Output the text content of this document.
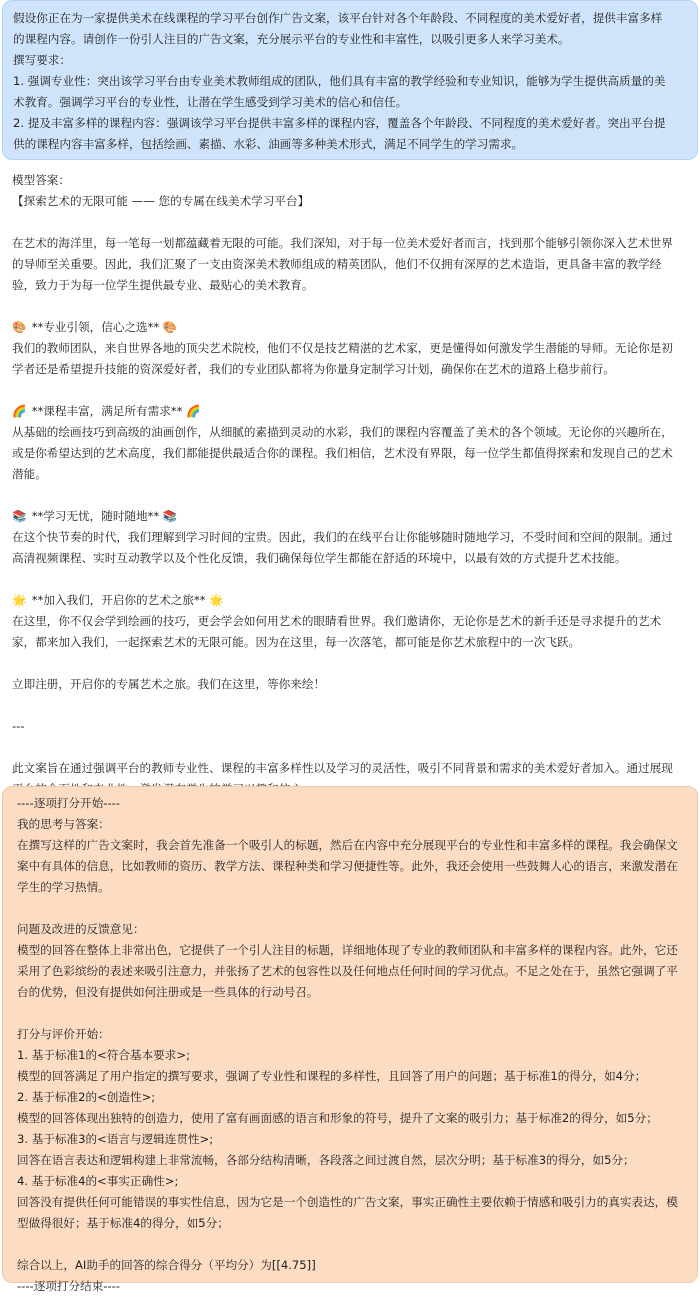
假设你正在为一家提供美术在线课程的学习平台创作广告文案，该平台针对各个年龄段、不同程度的美术爱好者，提供丰富多样
的课程内容。请创作一份引人注目的广告文案，充分展示平台的专业性和丰富性，以吸引更多人来学习美术。
撰写要求：
1. 强调专业性：突出该学习平台由专业美术教师组成的团队，他们具有丰富的教学经验和专业知识，能够为学生提供高质量的美
术教育。强调学习平台的专业性，让潜在学生感受到学习美术的信心和信任。
2. 提及丰富多样的课程内容：强调该学习平台提供丰富多样的课程内容，覆盖各个年龄段、不同程度的美术爱好者。突出平台提
供的课程内容丰富多样，包括绘画、素描、水彩、油画等多种美术形式，满足不同学生的学习需求。
模型答案：
【探索艺术的无限可能 —— 您的专属在线美术学习平台】
在艺术的海洋里，每一笔每一划都蕴藏着无限的可能。我们深知，对于每一位美术爱好者而言，找到那个能够引领你深入艺术世界
的导师至关重要。因此，我们汇聚了一支由资深美术教师组成的精英团队，他们不仅拥有深厚的艺术造诣，更具备丰富的教学经
验，致力于为每一位学生提供最专业、最贴心的美术教育。
🎨 **专业引领，信心之选** 🎨
我们的教师团队，来自世界各地的顶尖艺术院校，他们不仅是技艺精湛的艺术家，更是懂得如何激发学生潜能的导师。无论你是初
学者还是希望提升技能的资深爱好者，我们的专业团队都将为你量身定制学习计划，确保你在艺术的道路上稳步前行。
🌈 **课程丰富，满足所有需求** 🌈
从基础的绘画技巧到高级的油画创作，从细腻的素描到灵动的水彩，我们的课程内容覆盖了美术的各个领域。无论你的兴趣所在，
或是你希望达到的艺术高度，我们都能提供最适合你的课程。我们相信，艺术没有界限，每一位学生都值得探索和发现自己的艺术
潜能。
📚 **学习无忧，随时随地** 📚
在这个快节奏的时代，我们理解到学习时间的宝贵。因此，我们的在线平台让你能够随时随地学习，不受时间和空间的限制。通过
高清视频课程、实时互动教学以及个性化反馈，我们确保每位学生都能在舒适的环境中，以最有效的方式提升艺术技能。
🌟 **加入我们，开启你的艺术之旅** 🌟
在这里，你不仅会学到绘画的技巧，更会学会如何用艺术的眼睛看世界。我们邀请你，无论你是艺术的新手还是寻求提升的艺术
家，都来加入我们，一起探索艺术的无限可能。因为在这里，每一次落笔，都可能是你艺术旅程中的一次飞跃。
立即注册，开启你的专属艺术之旅。我们在这里，等你来绘！
---
此文案旨在通过强调平台的教师专业性、课程的丰富多样性以及学习的灵活性，吸引不同背景和需求的美术爱好者加入。通过展现
----逐项打分开始----
我的思考与答案：
在撰写这样的广告文案时，我会首先准备一个吸引人的标题，然后在内容中充分展现平台的专业性和丰富多样的课程。我会确保文
案中有具体的信息，比如教师的资历、教学方法、课程种类和学习便捷性等。此外，我还会使用一些鼓舞人心的语言，来激发潜在
学生的学习热情。
问题及改进的反馈意见：
模型的回答在整体上非常出色，它提供了一个引人注目的标题，详细地体现了专业的教师团队和丰富多样的课程内容。此外，它还
采用了色彩缤纷的表述来吸引注意力，并张扬了艺术的包容性以及任何地点任何时间的学习优点。不足之处在于，虽然它强调了平
台的优势，但没有提供如何注册或是一些具体的行动号召。
打分与评价开始：
1. 基于标准1的<符合基本要求>;
模型的回答满足了用户指定的撰写要求，强调了专业性和课程的多样性，且回答了用户的问题；基于标准1的得分，如4分；
2. 基于标准2的<创造性>;
模型的回答体现出独特的创造力，使用了富有画面感的语言和形象的符号，提升了文案的吸引力；基于标准2的得分，如5分；
3. 基于标准3的<语言与逻辑连贯性>;
回答在语言表达和逻辑构建上非常流畅，各部分结构清晰，各段落之间过渡自然，层次分明；基于标准3的得分，如5分；
4. 基于标准4的<事实正确性>;
回答没有提供任何可能错误的事实性信息，因为它是一个创造性的广告文案，事实正确性主要依赖于情感和吸引力的真实表达，模
型做得很好；基于标准4的得分，如5分；
综合以上，AI助手的回答的综合得分（平均分）为[[4.75]]
----逐项打分结束----
